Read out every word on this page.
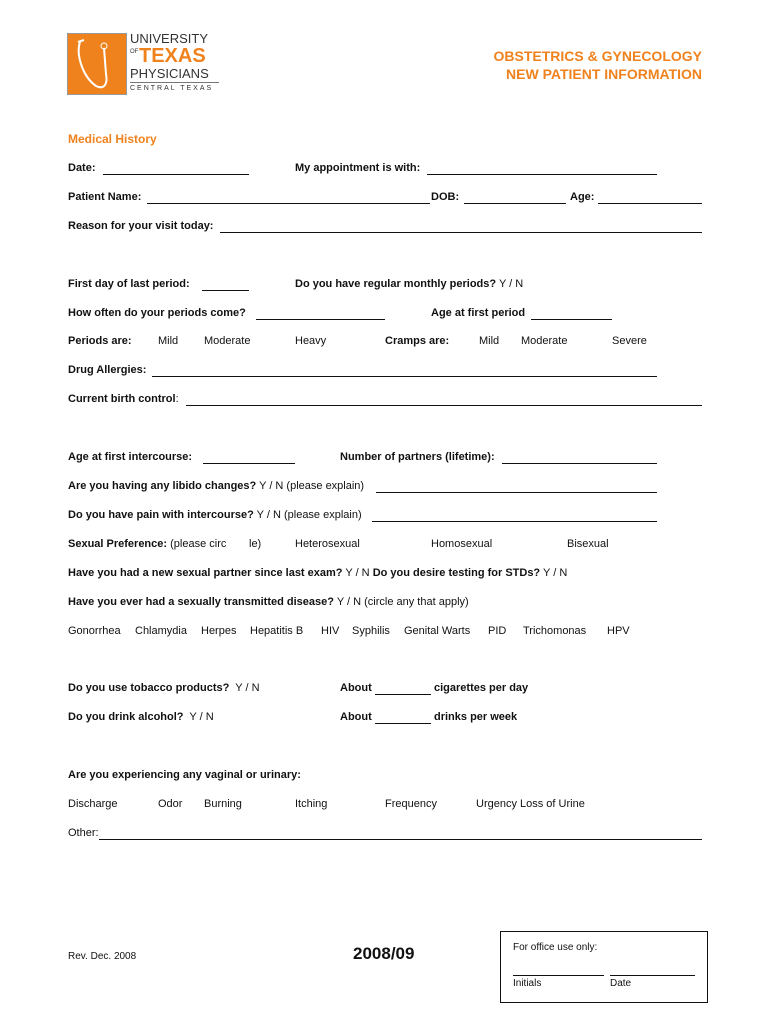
UNIVERSITY
OF TEXAS
PHYSICIANS
CENTRAL TEXAS
OBSTETRICS & GYNECOLOGY
NEW PATIENT INFORMATION
Medical History
Date:	My appointment is with:
Patient Name:	DOB:	Age:
Reason for your visit today:
First day of last period:	Do you have regular monthly periods? Y / N
How often do your periods come?	Age at first period
Periods are: Mild Moderate	Heavy	Cramps are:	Mild Moderate	Severe
Drug Allergies:
Current birth control:
Age at first intercourse:	Number of partners (lifetime):
Are you having any libido changes? Y / N (please explain)
Do you have pain with intercourse? Y / N (please explain)
Sexual Preference: (please circ le)	Heterosexual	Homosexual	Bisexual
Have you had a new sexual partner since last exam? Y / N Do you desire testing for STDs? Y / N
Have you ever had a sexually transmitted disease? Y / N (circle any that apply)
Gonorrhea Chlamydia Herpes Hepatitis B HIV Syphilis Genital Warts PID Trichomonas HPV
Do you use tobacco products?  Y / N	About	cigarettes per day
Do you drink alcohol?  Y / N	About	drinks per week
Are you experiencing any vaginal or urinary:
Discharge	Odor Burning	Itching	Frequency	Urgency Loss of Urine
Other:
Rev. Dec. 2008	2008/09	For office use only:
Initials	Date
